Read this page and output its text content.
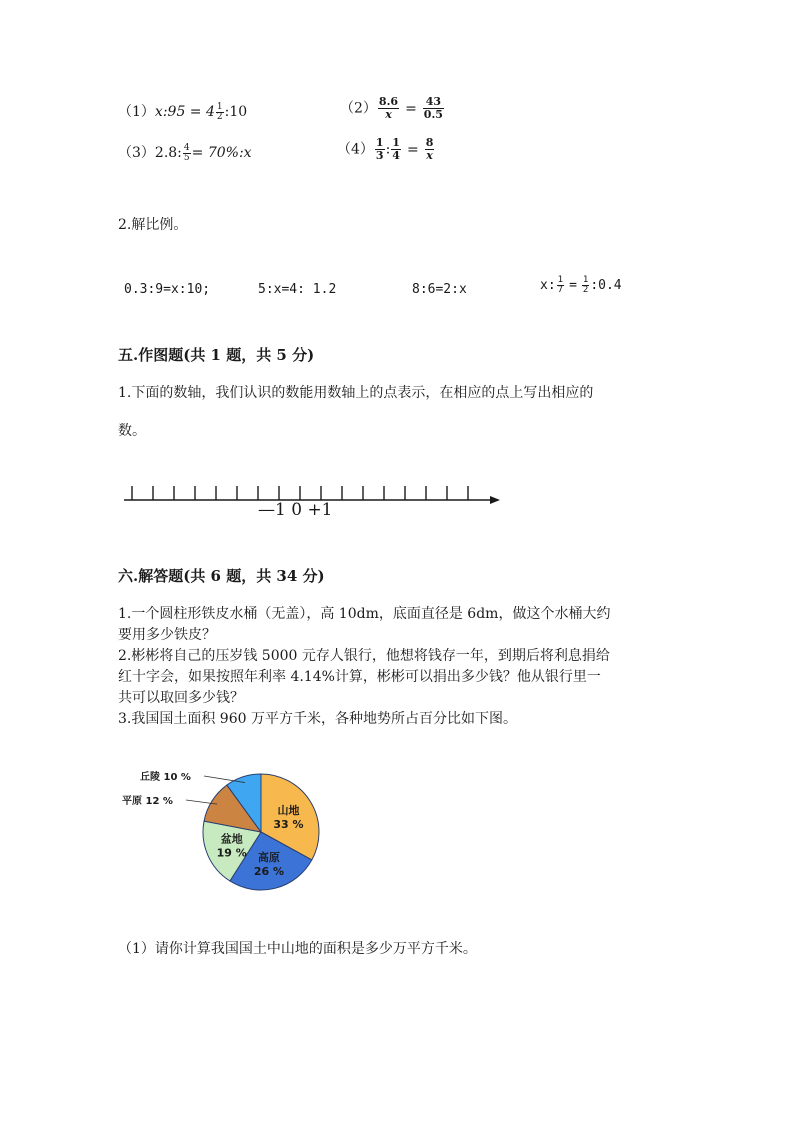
（1）x:95 = $4 \frac{1}{2}$ :10	$(2) \frac{8.6}{x} = \frac{43}{0.5}$
（3）2.8: $\frac{4}{5}$ = 70%:x	$(4) \frac{1}{3}$ : $\frac{1}{4} = \frac{8}{x}$
2.解比例。
0.3:9=x:10;	5:x=4: 1.2	8:6=2:x	x: $\frac{1}{7} = \frac{1}{2}$ :0.4
五.作图题(共 1 题，共 5 分)
1.下面的数轴，我们认识的数能用数轴上的点表示，在相应的点上写出相应的
数。
—1 0 +1
六.解答题(共 6 题，共 34 分)
1.一个圆柱形铁皮水桶（无盖），高 10dm，底面直径是 6dm，做这个水桶大约
要用多少铁皮？
2.彬彬将自己的压岁钱 5000 元存人银行，他想将钱存一年，到期后将利息捐给
红十字会，如果按照年利率 4.14%计算，彬彬可以捐出多少钱？他从银行里一
共可以取回多少钱？
3.我国国土面积 960 万平方千米，各种地势所占百分比如下图。
山地
33 %
高原
26 %
盆地
19 %
平原 12 %
丘陵 10 %
（1）请你计算我国国土中山地的面积是多少万平方千米。
